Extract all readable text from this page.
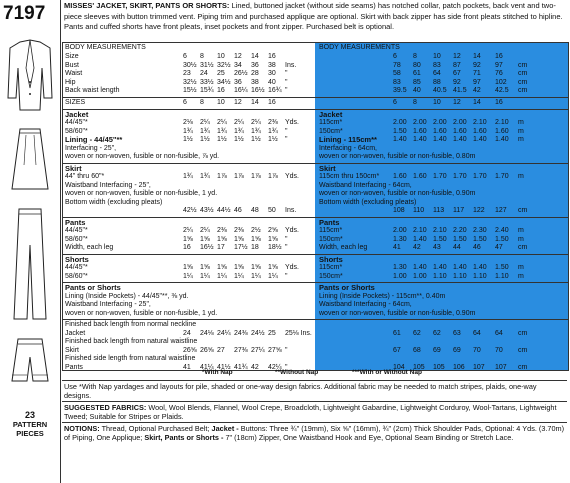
7197
23
PATTERN PIECES
MISSES' JACKET, SKIRT, PANTS OR SHORTS: Lined, buttoned jacket (without side seams) has notched collar, patch pockets, back vent and two-piece sleeves with button trimmed vent. Piping trim and purchased applique are optional. Skirt with back zipper has side front pleats stitched to hipline. Pants and cuffed shorts have front pleats, inset pockets and front zipper. Purchased belt is optional.
BODY MEASUREMENTS	BODY MEASUREMENTS
Size	6 8 10 12 14 16	6 8 10 12 14 16
Bust	30½ 31½ 32½ 34 36 38 Ins.	78 80 83 87 92 97 cm
Waist	23 24 25 26½ 28 30 "	58 61 64 67 71 76 cm
Hip	32½ 33½ 34½ 36 38 40 "	83 85 88 92 97 102 cm
Back waist length	15½ 15¾ 16 16¼ 16½ 16¾ "	39.5 40 40.5 41.5 42 42.5 cm
SIZES	6 8 10 12 14 16	6 8 10 12 14 16
Jacket	Jacket
44/45"*	2⅛ 2¼ 2¼ 2¼ 2¼ 2⅜ Yds.	115cm*	2.00 2.00 2.00 2.00 2.10 2.10 m
58/60"*	1¾ 1¾ 1¾ 1¾ 1¾ 1¾ "	150cm*	1.50 1.60 1.60 1.60 1.60 1.60 m
Lining - 44/45"**	1½ 1½ 1½ 1½ 1½ 1½ "	Lining - 115cm** 1.40 1.40 1.40 1.40 1.40 1.40 m
Interfacing - 25",	Interfacing - 64cm,
woven or non-woven, fusible or non-fusible, ⅞ yd.	woven or non-woven, fusible or non-fusible, 0.80m
Skirt	Skirt
44" thru 60"*	1¾ 1¾ 1⅞ 1⅞ 1⅞ 1⅞ Yds.	115cm thru 150cm* 1.60 1.60 1.70 1.70 1.70 1.70 m
Waistband Interfacing - 25",	Waistband Interfacing - 64cm,
woven or non-woven, fusible or non-fusible, 1 yd.	woven or non-woven, fusible or non-fusible, 0.90m
Bottom width (excluding pleats)	Bottom width (excluding pleats)
42½ 43½ 44½ 46 48 50 Ins.	108 110 113 117 122 127 cm
Pants	Pants
44/45"*	2¼ 2¼ 2⅜ 2⅜ 2½ 2⅝ Yds.	115cm*	2.00 2.10 2.10 2.20 2.30 2.40 m
58/60"*	1⅝ 1⅝ 1⅝ 1⅝ 1⅝ 1⅝ "	150cm*	1.30 1.40 1.50 1.50 1.50 1.50 m
Width, each leg	16 16½ 17 17½ 18 18½ "	Width, each leg	41 42 43 44 46 47 cm
Shorts	Shorts
44/45"*	1⅝ 1⅝ 1⅝ 1⅝ 1⅝ 1⅝ Yds.	115cm*	1.30 1.40 1.40 1.40 1.40 1.50 m
58/60"*	1¼ 1¼ 1¼ 1¼ 1¼ 1¼ "	150cm*	1.00 1.00 1.10 1.10 1.10 1.10 m
Pants or Shorts	Pants or Shorts
Lining (Inside Pockets) - 44/45"**, ⅜ yd.	Lining (Inside Pockets) - 115cm**, 0.40m
Waistband Interfacing - 25",	Waistband Interfacing - 64cm,
woven or non-woven, fusible or non-fusible, 1 yd.	woven or non-woven, fusible or non-fusible, 0.90m
Finished back length from normal neckline
Jacket	24 24⅛ 24¼ 24⅜ 24½ 25 25⅛ Ins.	61 62 62 63 64 64 cm
Finished back length from natural waistline
Skirt	26⅝ 26⅝ 27 27⅜ 27¼ 27⅝ "	67 68 69 69 70 70 cm
Finished side length from natural waistline
Pants	41 41¼ 41½ 41¾ 42 42¼ "	104 105 105 106 107 107 cm
*With Nap	**Without Nap	***With or Without Nap
Use *With Nap yardages and layouts for pile, shaded or one-way design fabrics. Additional fabric may be needed to match stripes, plaids, one-way designs.
SUGGESTED FABRICS: Wool, Wool Blends, Flannel, Wool Crepe, Broadcloth, Lightweight Gabardine, Lightweight Corduroy, Wool-Tartans, Lightweight Tweed; Suitable for Stripes or Plaids.
NOTIONS: Thread, Optional Purchased Belt; Jacket - Buttons: Three ¾" (19mm), Six ⅝" (16mm), ¾" (2cm) Thick Shoulder Pads, Optional: 4 Yds. (3.70m) of Piping, One Applique; Skirt, Pants or Shorts - 7" (18cm) Zipper, One Waistband Hook and Eye, Optional Seam Binding or Stretch Lace.
